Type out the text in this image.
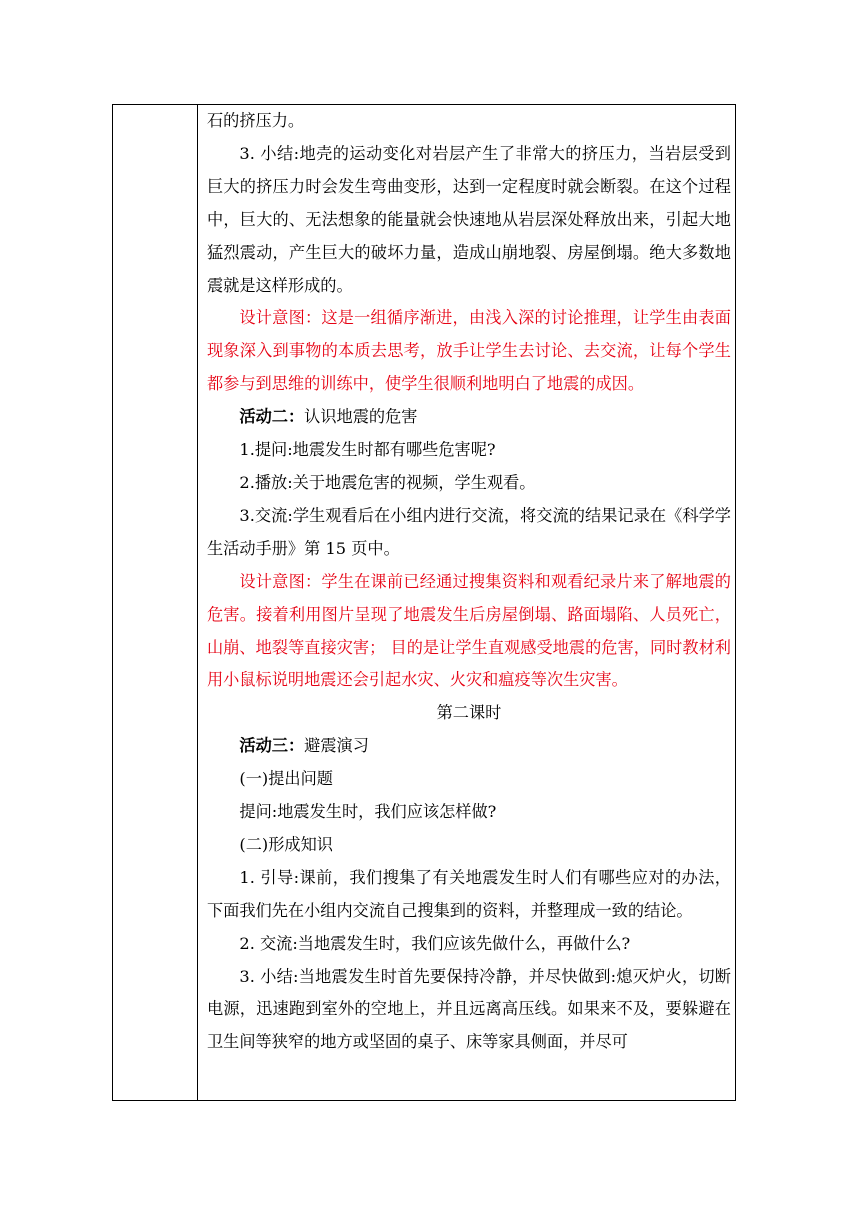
石的挤压力。

3. 小结:地壳的运动变化对岩层产生了非常大的挤压力，当岩层受到巨大的挤压力时会发生弯曲变形，达到一定程度时就会断裂。在这个过程中，巨大的、无法想象的能量就会快速地从岩层深处释放出来，引起大地猛烈震动，产生巨大的破坏力量，造成山崩地裂、房屋倒塌。绝大多数地震就是这样形成的。

设计意图：这是一组循序渐进，由浅入深的讨论推理，让学生由表面现象深入到事物的本质去思考，放手让学生去讨论、去交流，让每个学生都参与到思维的训练中，使学生很顺利地明白了地震的成因。

活动二：认识地震的危害

1.提问:地震发生时都有哪些危害呢?

2.播放:关于地震危害的视频，学生观看。

3.交流:学生观看后在小组内进行交流，将交流的结果记录在《科学学生活动手册》第 15 页中。

设计意图：学生在课前已经通过搜集资料和观看纪录片来了解地震的危害。接着利用图片呈现了地震发生后房屋倒塌、路面塌陷、人员死亡，山崩、地裂等直接灾害； 目的是让学生直观感受地震的危害，同时教材利用小鼠标说明地震还会引起水灾、火灾和瘟疫等次生灾害。

第二课时

活动三：避震演习

(一)提出问题

提问:地震发生时，我们应该怎样做?

(二)形成知识

1. 引导:课前，我们搜集了有关地震发生时人们有哪些应对的办法，下面我们先在小组内交流自己搜集到的资料，并整理成一致的结论。

2. 交流:当地震发生时，我们应该先做什么，再做什么?

3. 小结:当地震发生时首先要保持冷静，并尽快做到:熄灭炉火，切断电源，迅速跑到室外的空地上，并且远离高压线。如果来不及，要躲避在卫生间等狭窄的地方或坚固的桌子、床等家具侧面，并尽可
